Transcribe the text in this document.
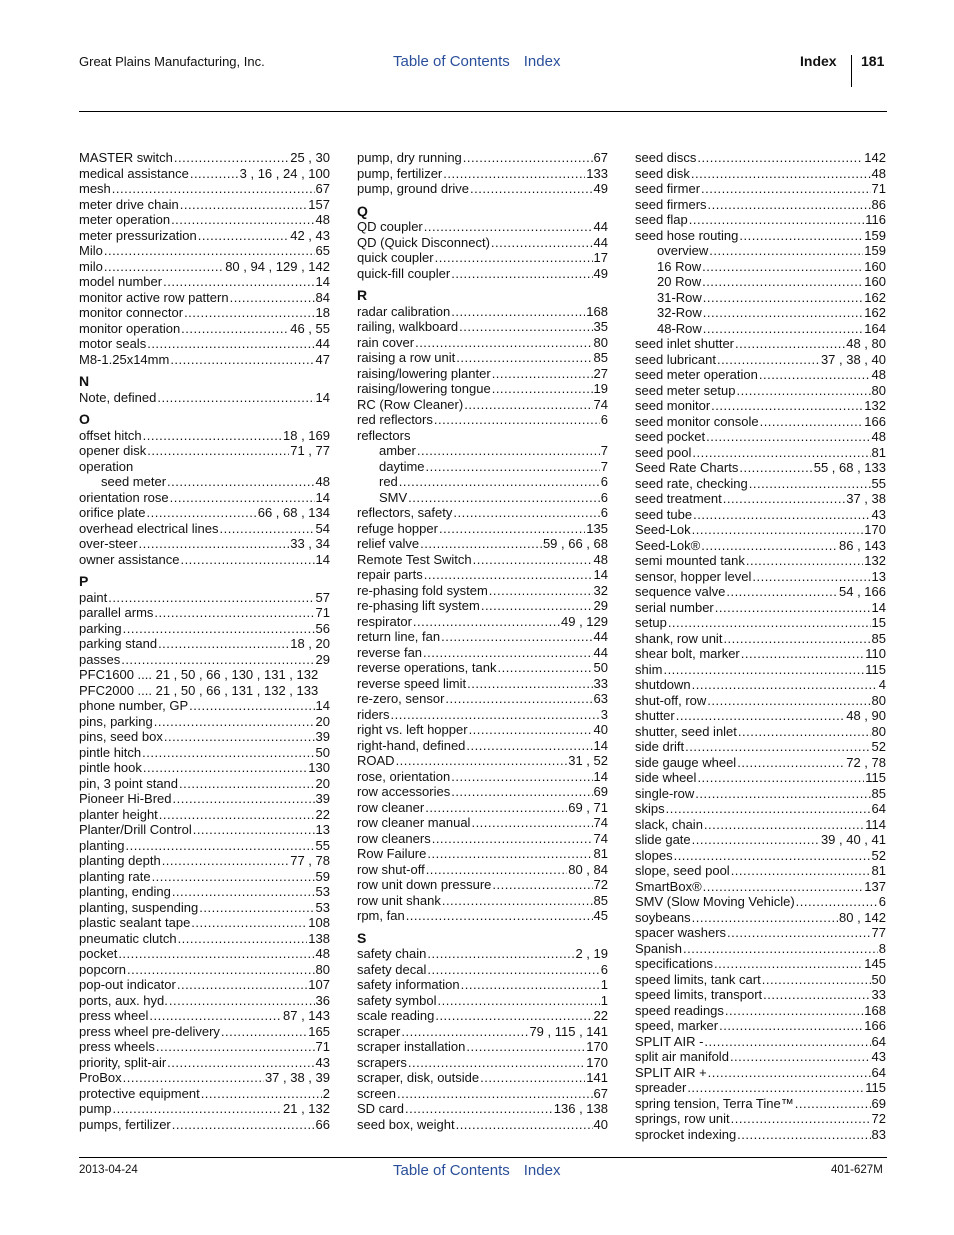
Great Plains Manufacturing, Inc.	Table of Contents Index	Index 181
MASTER switch .....	25 , 30
medical assistance .....	3 , 16 , 24 , 100
mesh .....	67
meter drive chain .....	157
meter operation .....	48
meter pressurization .....	42 , 43
Milo .....	65
milo .....	80 , 94 , 129 , 142
model number .....	14
monitor active row pattern .....	84
monitor connector .....	18
monitor operation .....	46 , 55
motor seals .....	44
M8-1.25x14mm .....	47
N
Note, defined .....	14
O
offset hitch .....	18 , 169
opener disk .....	71 , 77
operation
seed meter .....	48
orientation rose .....	14
orifice plate .....	66 , 68 , 134
overhead electrical lines .....	54
over-steer .....	33 , 34
owner assistance .....	14
P
paint .....	57
parallel arms .....	71
parking .....	56
parking stand .....	18 , 20
passes .....	29
PFC1600 .... 21 , 50 , 66 , 130 , 131 , 132
PFC2000 .... 21 , 50 , 66 , 131 , 132 , 133
phone number, GP .....	14
pins, parking .....	20
pins, seed box .....	39
pintle hitch .....	50
pintle hook .....	130
pin, 3 point stand .....	20
Pioneer Hi-Bred .....	39
planter height .....	22
Planter/Drill Control .....	13
planting .....	55
planting depth .....	77 , 78
planting rate .....	59
planting, ending .....	53
planting, suspending .....	53
plastic sealant tape .....	108
pneumatic clutch .....	138
pocket .....	48
popcorn .....	80
pop-out indicator .....	107
ports, aux. hyd. .....	36
press wheel .....	87 , 143
press wheel pre-delivery .....	165
press wheels .....	71
priority, split-air .....	43
ProBox .....	37 , 38 , 39
protective equipment .....	2
pump .....	21 , 132
pumps, fertilizer .....	66
pump, dry running .....	67
pump, fertilizer .....	133
pump, ground drive .....	49
Q
QD coupler .....	44
QD (Quick Disconnect) .....	44
quick coupler .....	17
quick-fill coupler .....	49
R
radar calibration .....	168
railing, walkboard .....	35
rain cover .....	80
raising a row unit .....	85
raising/lowering planter .....	27
raising/lowering tongue .....	19
RC (Row Cleaner) .....	74
red reflectors .....	6
reflectors
amber .....	7
daytime .....	7
red .....	6
SMV .....	6
reflectors, safety .....	6
refuge hopper .....	135
relief valve .....	59 , 66 , 68
Remote Test Switch .....	48
repair parts .....	14
re-phasing fold system .....	32
re-phasing lift system .....	29
respirator .....	49 , 129
return line, fan .....	44
reverse fan .....	44
reverse operations, tank .....	50
reverse speed limit .....	33
re-zero, sensor .....	63
riders .....	3
right vs. left hopper .....	40
right-hand, defined .....	14
ROAD .....	31 , 52
rose, orientation .....	14
row accessories .....	69
row cleaner .....	69 , 71
row cleaner manual .....	74
row cleaners .....	74
Row Failure .....	81
row shut-off .....	80 , 84
row unit down pressure .....	72
row unit shank .....	85
rpm, fan .....	45
S
safety chain .....	2 , 19
safety decal .....	6
safety information .....	1
safety symbol .....	1
scale reading .....	22
scraper .....	79 , 115 , 141
scraper installation .....	170
scrapers .....	170
scraper, disk, outside .....	141
screen .....	67
SD card .....	136 , 138
seed box, weight .....	40
seed discs .....	142
seed disk .....	48
seed firmer .....	71
seed firmers .....	86
seed flap .....	116
seed hose routing .....	159
overview .....	159
16 Row .....	160
20 Row .....	160
31-Row .....	162
32-Row .....	162
48-Row .....	164
seed inlet shutter .....	48 , 80
seed lubricant .....	37 , 38 , 40
seed meter operation .....	48
seed meter setup .....	80
seed monitor .....	132
seed monitor console .....	166
seed pocket .....	48
seed pool .....	81
Seed Rate Charts .....	55 , 68 , 133
seed rate, checking .....	55
seed treatment .....	37 , 38
seed tube .....	43
Seed-Lok .....	170
Seed-Lok® .....	86 , 143
semi mounted tank .....	132
sensor, hopper level .....	13
sequence valve .....	54 , 166
serial number .....	14
setup .....	15
shank, row unit .....	85
shear bolt, marker .....	110
shim .....	115
shutdown .....	4
shut-off, row .....	80
shutter .....	48 , 90
shutter, seed inlet .....	80
side drift .....	52
side gauge wheel .....	72 , 78
side wheel .....	115
single-row .....	85
skips .....	64
slack, chain .....	114
slide gate .....	39 , 40 , 41
slopes .....	52
slope, seed pool .....	81
SmartBox® .....	137
SMV (Slow Moving Vehicle) .....	6
soybeans .....	80 , 142
spacer washers .....	77
Spanish .....	8
specifications .....	145
speed limits, tank cart .....	50
speed limits, transport .....	33
speed readings .....	168
speed, marker .....	166
SPLIT AIR - .....	64
split air manifold .....	43
SPLIT AIR + .....	64
spreader .....	115
spring tension, Terra Tine™ .....	69
springs, row unit .....	72
sprocket indexing .....	83
2013-04-24	Table of Contents Index	401-627M
